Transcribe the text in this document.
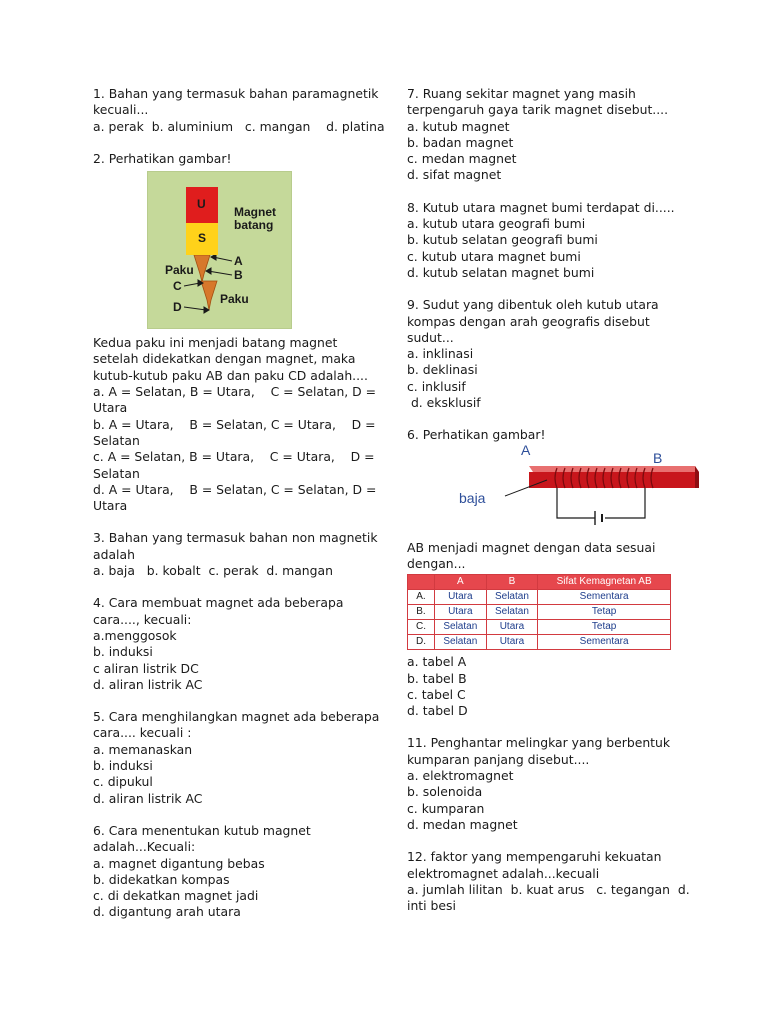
1. Bahan yang termasuk bahan paramagnetik
kecuali...
a. perak  b. aluminium   c. mangan    d. platina
2. Perhatikan gambar!
U
S
Magnet
batang
Paku
A
B
C
D
Paku
Kedua paku ini menjadi batang magnet
setelah didekatkan dengan magnet, maka
kutub-kutub paku AB dan paku CD adalah....
a. A = Selatan, B = Utara,    C = Selatan, D =
Utara
b. A = Utara,    B = Selatan, C = Utara,    D =
Selatan
c. A = Selatan, B = Utara,    C = Utara,    D =
Selatan
d. A = Utara,    B = Selatan, C = Selatan, D =
Utara
3. Bahan yang termasuk bahan non magnetik
adalah
a. baja   b. kobalt  c. perak  d. mangan
4. Cara membuat magnet ada beberapa
cara...., kecuali:
a.menggosok
b. induksi
c aliran listrik DC
d. aliran listrik AC
5. Cara menghilangkan magnet ada beberapa
cara.... kecuali :
a. memanaskan
b. induksi
c. dipukul
d. aliran listrik AC
6. Cara menentukan kutub magnet
adalah...Kecuali:
a. magnet digantung bebas
b. didekatkan kompas
c. di dekatkan magnet jadi
d. digantung arah utara
7. Ruang sekitar magnet yang masih
terpengaruh gaya tarik magnet disebut....
a. kutub magnet
b. badan magnet
c. medan magnet
d. sifat magnet
8. Kutub utara magnet bumi terdapat di.....
a. kutub utara geografi bumi
b. kutub selatan geografi bumi
c. kutub utara magnet bumi
d. kutub selatan magnet bumi
9. Sudut yang dibentuk oleh kutub utara
kompas dengan arah geografis disebut
sudut...
a. inklinasi
b. deklinasi
c. inklusif
d. eksklusif
6. Perhatikan gambar!
A	B
baja
AB menjadi magnet dengan data sesuai
dengan...
	A	B	Sifat Kemagnetan AB
A.	Utara	Selatan	Sementara
B.	Utara	Selatan	Tetap
C.	Selatan	Utara	Tetap
D.	Selatan	Utara	Sementara
a. tabel A
b. tabel B
c. tabel C
d. tabel D
11. Penghantar melingkar yang berbentuk
kumparan panjang disebut....
a. elektromagnet
b. solenoida
c. kumparan
d. medan magnet
12. faktor yang mempengaruhi kekuatan
elektromagnet adalah...kecuali
a. jumlah lilitan  b. kuat arus   c. tegangan  d.
inti besi
